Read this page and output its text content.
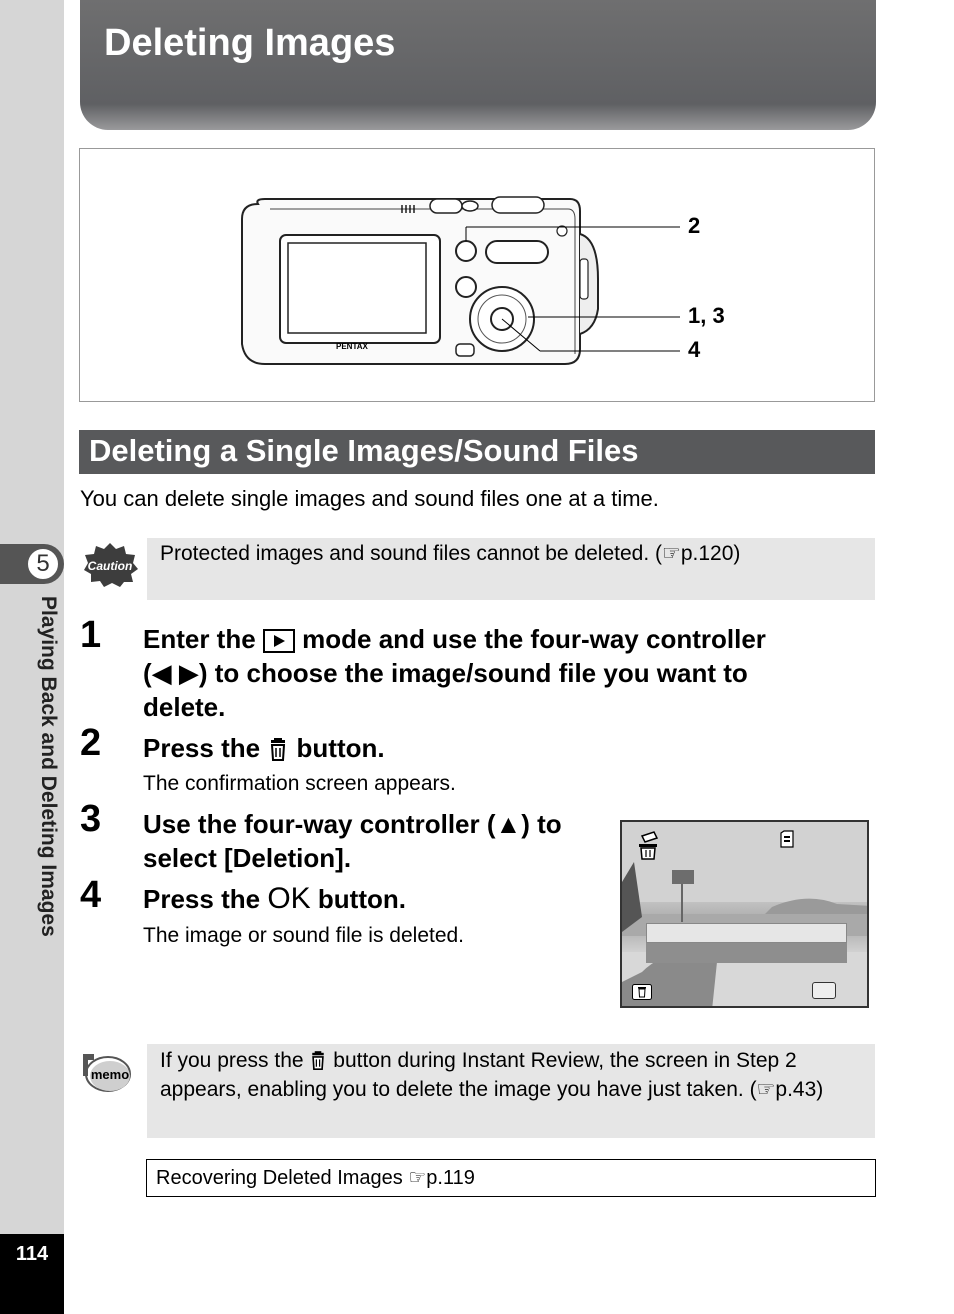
5
Playing Back and Deleting Images
114
Deleting Images
‖‖‖‖
PENTAX
2
1, 3
4
Deleting a Single Images/Sound Files
You can delete single images and sound files one at a time.
Caution
Protected images and sound files cannot be deleted. (☞p.120)
1 Enter the mode and use the four-way controller
(◀ ▶) to choose the image/sound file you want to
delete.
2 Press the button.
The confirmation screen appears.
3 Use the four-way controller (▲) to
select [Deletion].
4 Press the OK button.
The image or sound file is deleted.
memo
If you press the button during Instant Review, the screen in Step 2 appears, enabling you to delete the image you have just taken. (☞p.43)
Recovering Deleted Images ☞p.119
